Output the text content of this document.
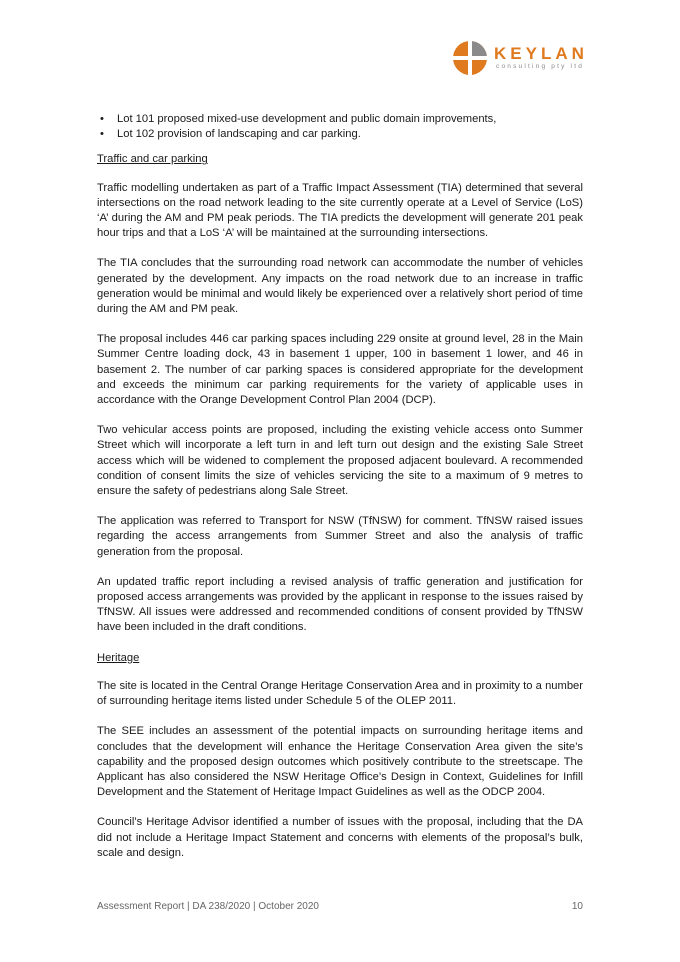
KEYLAN
consulting pty ltd
• Lot 101 proposed mixed-use development and public domain improvements,
• Lot 102 provision of landscaping and car parking.
Traffic and car parking

Traffic modelling undertaken as part of a Traffic Impact Assessment (TIA) determined that several intersections on the road network leading to the site currently operate at a Level of Service (LoS) ‘A’ during the AM and PM peak periods. The TIA predicts the development will generate 201 peak hour trips and that a LoS ‘A’ will be maintained at the surrounding intersections.

The TIA concludes that the surrounding road network can accommodate the number of vehicles generated by the development. Any impacts on the road network due to an increase in traffic generation would be minimal and would likely be experienced over a relatively short period of time during the AM and PM peak.

The proposal includes 446 car parking spaces including 229 onsite at ground level, 28 in the Main Summer Centre loading dock, 43 in basement 1 upper, 100 in basement 1 lower, and 46 in basement 2. The number of car parking spaces is considered appropriate for the development and exceeds the minimum car parking requirements for the variety of applicable uses in accordance with the Orange Development Control Plan 2004 (DCP).

Two vehicular access points are proposed, including the existing vehicle access onto Summer Street which will incorporate a left turn in and left turn out design and the existing Sale Street access which will be widened to complement the proposed adjacent boulevard. A recommended condition of consent limits the size of vehicles servicing the site to a maximum of 9 metres to ensure the safety of pedestrians along Sale Street.

The application was referred to Transport for NSW (TfNSW) for comment. TfNSW raised issues regarding the access arrangements from Summer Street and also the analysis of traffic generation from the proposal.

An updated traffic report including a revised analysis of traffic generation and justification for proposed access arrangements was provided by the applicant in response to the issues raised by TfNSW. All issues were addressed and recommended conditions of consent provided by TfNSW have been included in the draft conditions.

Heritage

The site is located in the Central Orange Heritage Conservation Area and in proximity to a number of surrounding heritage items listed under Schedule 5 of the OLEP 2011.

The SEE includes an assessment of the potential impacts on surrounding heritage items and concludes that the development will enhance the Heritage Conservation Area given the site’s capability and the proposed design outcomes which positively contribute to the streetscape. The Applicant has also considered the NSW Heritage Office’s Design in Context, Guidelines for Infill Development and the Statement of Heritage Impact Guidelines as well as the ODCP 2004.

Council’s Heritage Advisor identified a number of issues with the proposal, including that the DA did not include a Heritage Impact Statement and concerns with elements of the proposal’s bulk, scale and design.

Assessment Report | DA 238/2020 | October 2020	10
